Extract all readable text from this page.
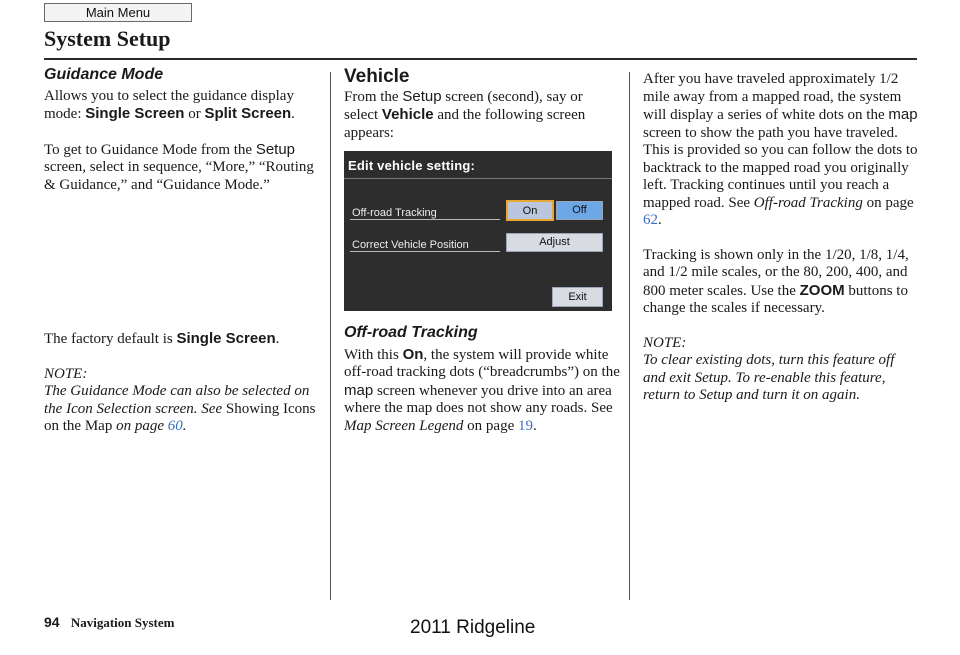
Main Menu
System Setup
Guidance Mode

Allows you to select the guidance display mode: Single Screen or Split Screen.

To get to Guidance Mode from the Setup screen, select in sequence, “More,” “Routing & Guidance,” and “Guidance Mode.”

The factory default is Single Screen.

NOTE:

The Guidance Mode can also be selected on the Icon Selection screen. See Showing Icons on the Map on page 60.

Vehicle

From the Setup screen (second), say or select Vehicle and the following screen appears:

Edit vehicle setting:
Off-road Tracking	On	Off
Correct Vehicle Position	Adjust
Exit
Off-road Tracking

With this On, the system will provide white off-road tracking dots (“breadcrumbs”) on the map screen whenever you drive into an area where the map does not show any roads. See Map Screen Legend on page 19.

After you have traveled approximately 1/2 mile away from a mapped road, the system will display a series of white dots on the map screen to show the path you have traveled. This is provided so you can follow the dots to backtrack to the mapped road you originally left. Tracking continues until you reach a mapped road. See Off-road Tracking on page 62.

Tracking is shown only in the 1/20, 1/8, 1/4, and 1/2 mile scales, or the 80, 200, 400, and 800 meter scales. Use the ZOOM buttons to change the scales if necessary.

NOTE:

To clear existing dots, turn this feature off and exit Setup. To re-enable this feature, return to Setup and turn it on again.

94 Navigation System	2011 Ridgeline
